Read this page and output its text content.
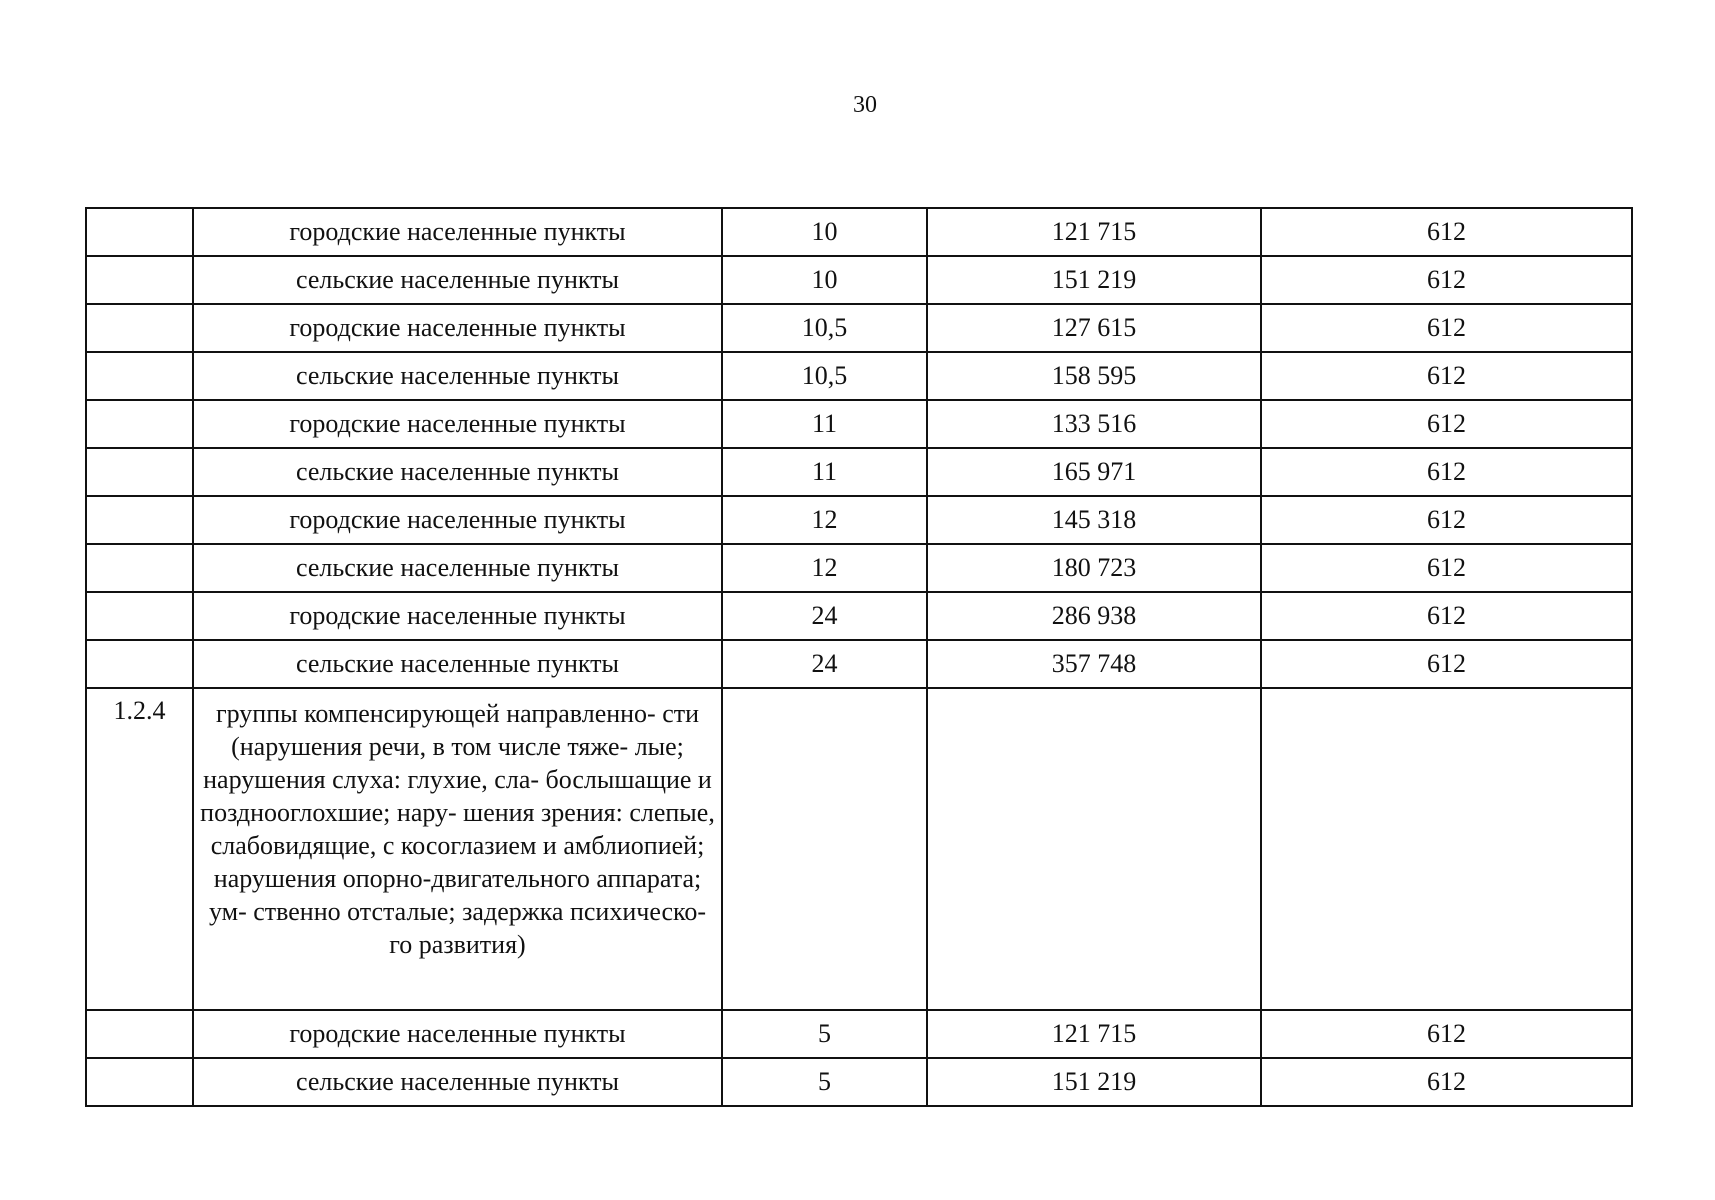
30
	городские населенные пункты	10	121 715	612
	сельские населенные пункты	10	151 219	612
	городские населенные пункты	10,5	127 615	612
	сельские населенные пункты	10,5	158 595	612
	городские населенные пункты	11	133 516	612
	сельские населенные пункты	11	165 971	612
	городские населенные пункты	12	145 318	612
	сельские населенные пункты	12	180 723	612
	городские населенные пункты	24	286 938	612
	сельские населенные пункты	24	357 748	612
1.2.4	группы компенсирующей направленно- сти (нарушения речи, в том числе тяже- лые; нарушения слуха: глухие, сла- бослышащие и позднооглохшие; нару- шения зрения: слепые, слабовидящие, с косоглазием и амблиопией; нарушения опорно-двигательного аппарата; ум- ственно отсталые; задержка психическо- го развития)			
	городские населенные пункты	5	121 715	612
	сельские населенные пункты	5	151 219	612
